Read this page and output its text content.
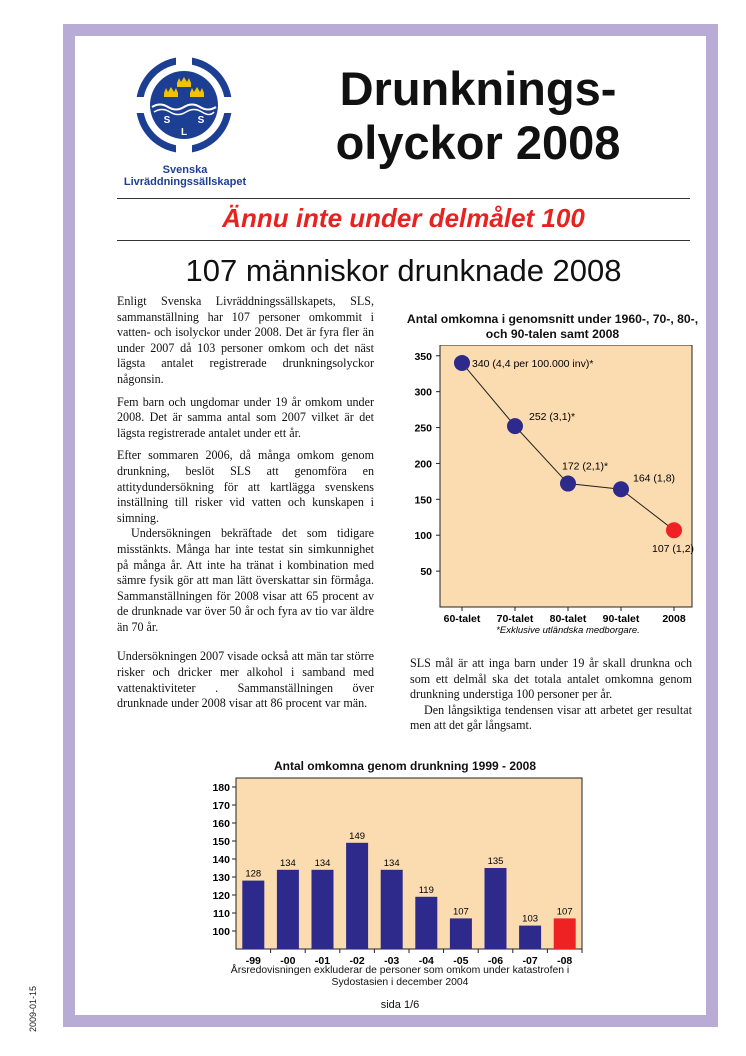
2009-01-15
S	S
L
Svenska
Livräddningssällskapet
Drunknings-
olyckor 2008
Ännu inte under delmålet 100
107 människor drunknade 2008

Enligt Svenska Livräddningssällskapets, SLS, sammanställning har 107 personer omkommit i vatten- och isolyckor under 2008. Det är fyra fler än under 2007 då 103 personer omkom och det näst lägsta antalet registrerade drunkningsolyckor någonsin.

Fem barn och ungdomar under 19 år omkom under 2008. Det är samma antal som 2007 vilket är det lägsta registrerade antalet under ett år.

Efter sommaren 2006, då många omkom genom drunkning, beslöt SLS att genomföra en attitydundersökning för att kartlägga svenskens inställning till risker vid vatten och kunskapen i simning.

Undersökningen bekräftade det som tidigare misstänkts. Många har inte testat sin simkunnighet på många år. Att inte ha tränat i kombination med sämre fysik gör att man lätt överskattar sin förmåga. Sammanställningen för 2008 visar att 65 procent av de drunknade var över 50 år och fyra av tio var äldre än 70 år.

Undersökningen 2007 visade också att män tar större risker och dricker mer alkohol i samband med vattenaktiviteter . Sammanställningen över drunknade under 2008 visar att 86 procent var män.

Antal omkomna i genomsnitt under 1960-, 70-, 80-, och 90-talen samt 2008
50
100
150
200
250
300
350
340 (4,4 per 100.000 inv)*
60-talet
252 (3,1)*
70-talet
172 (2,1)*
80-talet
164 (1,8)
90-talet
107 (1,2)
2008
*Exklusive utländska medborgare.

SLS mål är att inga barn under 19 år skall drunkna och som ett delmål ska det totala antalet omkomna genom drunkning understiga 100 personer per år.

Den långsiktiga tendensen visar att arbetet ger resultat men att det går långsamt.

Antal omkomna genom drunkning 1999 - 2008
100
110
120
130
140
150
160
170
180
128
-99
134
-00
134
-01
149
-02
134
-03
119
-04
107
-05
135
-06
103
-07
107
-08
Årsredovisningen exkluderar de personer som omkom under katastrofen i Sydostasien i december 2004
sida 1/6
